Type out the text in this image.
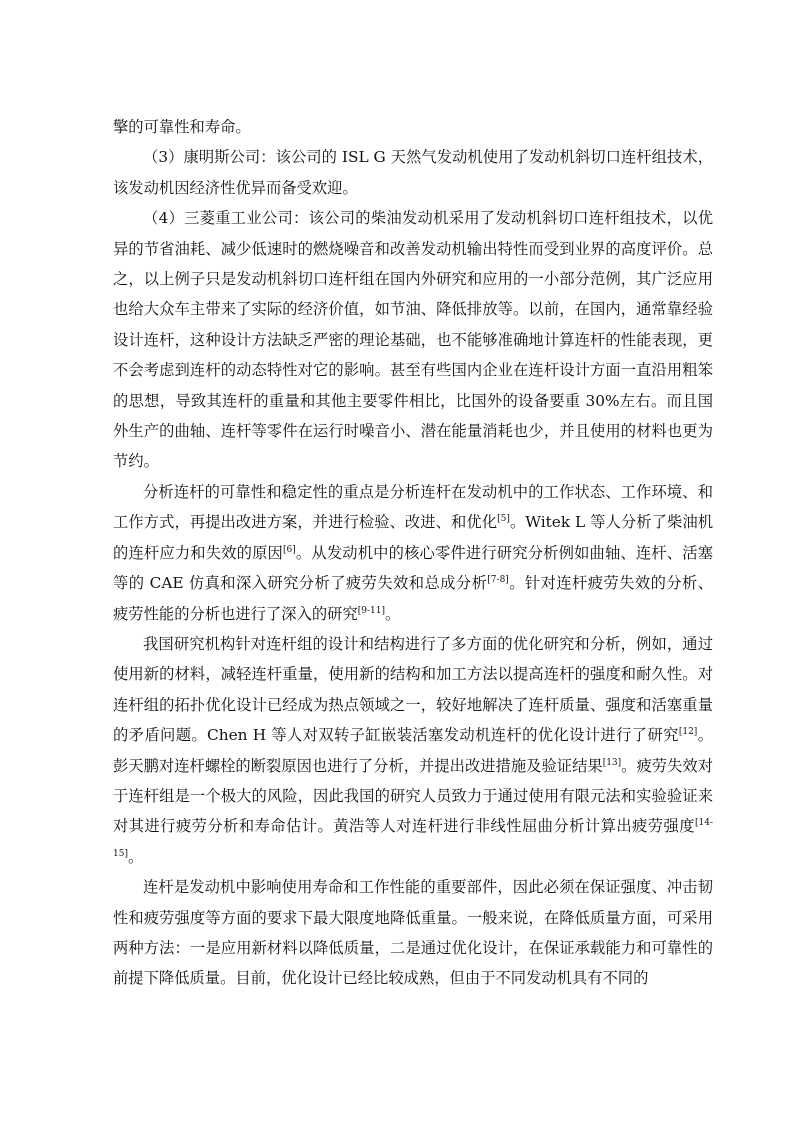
擎的可靠性和寿命。

（3）康明斯公司：该公司的 ISL G 天然气发动机使用了发动机斜切口连杆组技术，该发动机因经济性优异而备受欢迎。

（4）三菱重工业公司：该公司的柴油发动机采用了发动机斜切口连杆组技术，以优异的节省油耗、减少低速时的燃烧噪音和改善发动机输出特性而受到业界的高度评价。总之，以上例子只是发动机斜切口连杆组在国内外研究和应用的一小部分范例，其广泛应用也给大众车主带来了实际的经济价值，如节油、降低排放等。以前，在国内，通常靠经验设计连杆，这种设计方法缺乏严密的理论基础，也不能够准确地计算连杆的性能表现，更不会考虑到连杆的动态特性对它的影响。甚至有些国内企业在连杆设计方面一直沿用粗笨的思想，导致其连杆的重量和其他主要零件相比，比国外的设备要重 30%左右。而且国外生产的曲轴、连杆等零件在运行时噪音小、潜在能量消耗也少，并且使用的材料也更为节约。

分析连杆的可靠性和稳定性的重点是分析连杆在发动机中的工作状态、工作环境、和工作方式，再提出改进方案，并进行检验、改进、和优化[5]。Witek L 等人分析了柴油机的连杆应力和失效的原因[6]。从发动机中的核心零件进行研究分析例如曲轴、连杆、活塞等的 CAE 仿真和深入研究分析了疲劳失效和总成分析[7-8]。针对连杆疲劳失效的分析、疲劳性能的分析也进行了深入的研究[9-11]。

我国研究机构针对连杆组的设计和结构进行了多方面的优化研究和分析，例如，通过使用新的材料，减轻连杆重量，使用新的结构和加工方法以提高连杆的强度和耐久性。对连杆组的拓扑优化设计已经成为热点领域之一，较好地解决了连杆质量、强度和活塞重量的矛盾问题。Chen H 等人对双转子缸嵌装活塞发动机连杆的优化设计进行了研究[12]。彭天鹏对连杆螺栓的断裂原因也进行了分析，并提出改进措施及验证结果[13]。疲劳失效对于连杆组是一个极大的风险，因此我国的研究人员致力于通过使用有限元法和实验验证来对其进行疲劳分析和寿命估计。黄浩等人对连杆进行非线性屈曲分析计算出疲劳强度[14-15]。

连杆是发动机中影响使用寿命和工作性能的重要部件，因此必须在保证强度、冲击韧性和疲劳强度等方面的要求下最大限度地降低重量。一般来说，在降低质量方面，可采用两种方法：一是应用新材料以降低质量，二是通过优化设计，在保证承载能力和可靠性的前提下降低质量。目前，优化设计已经比较成熟，但由于不同发动机具有不同的
